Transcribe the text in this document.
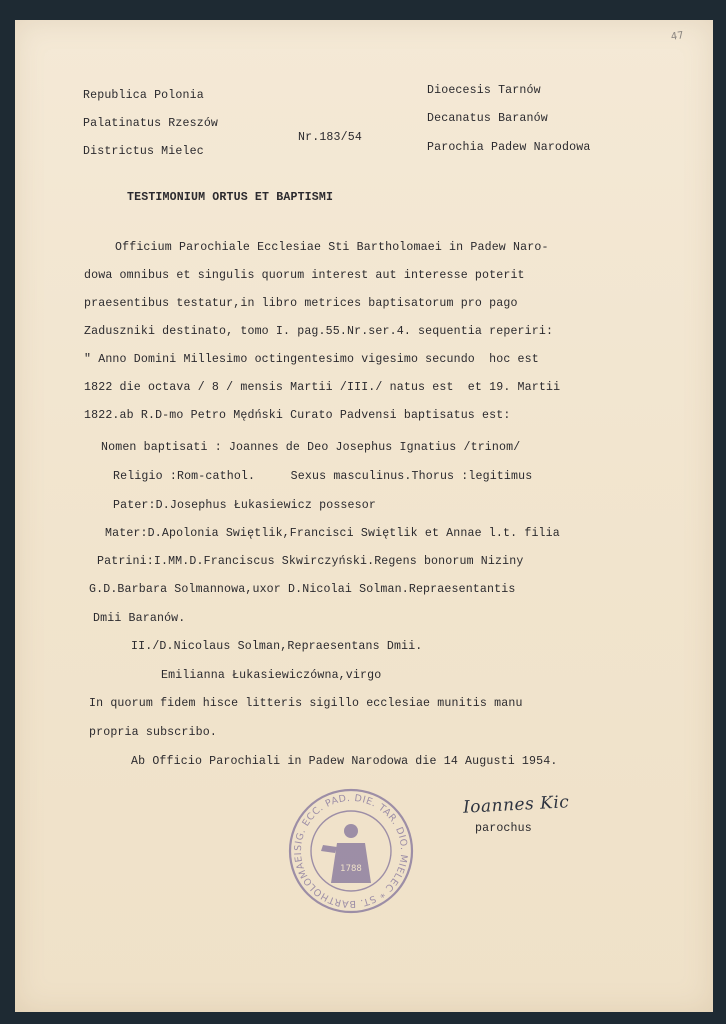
47
Republica Polonia
Palatinatus Rzeszów
Districtus Mielec
Nr.183/54
Dioecesis Tarnów
Decanatus Baranów
Parochia Padew Narodowa
TESTIMONIUM ORTUS ET BAPTISMI
Officium Parochiale Ecclesiae Sti Bartholomaei in Padew Naro-
dowa omnibus et singulis quorum interest aut interesse poterit
praesentibus testatur,in libro metrices baptisatorum pro pago
Zaduszniki destinato, tomo I. pag.55.Nr.ser.4. sequentia reperiri:
" Anno Domini Millesimo octingentesimo vigesimo secundo  hoc est
1822 die octava / 8 / mensis Martii /III./ natus est  et 19. Martii
1822.ab R.D-mo Petro Mędński Curato Padvensi baptisatus est:
Nomen baptisati : Joannes de Deo Josephus Ignatius /trinom/
Religio :Rom-cathol.     Sexus masculinus.Thorus :legitimus
Pater:D.Josephus Łukasiewicz possesor
Mater:D.Apolonia Swiętlik,Francisci Swiętlik et Annae l.t. filia
Patrini:I.MM.D.Franciscus Skwirczyński.Regens bonorum Niziny
G.D.Barbara Solmannowa,uxor D.Nicolai Solman.Repraesentantis
Dmii Baranów.
II./D.Nicolaus Solman,Repraesentans Dmii.
Emilianna Łukasiewiczówna,virgo
In quorum fidem hisce litteris sigillo ecclesiae munitis manu
propria subscribo.
Ab Officio Parochiali in Padew Narodowa die 14 Augusti 1954.
SIG. ECC. PAD. DIE. TAR. DIO. MIELEC * ST. BARTHOLOMAEI
1788
Ioannes Kic
parochus
